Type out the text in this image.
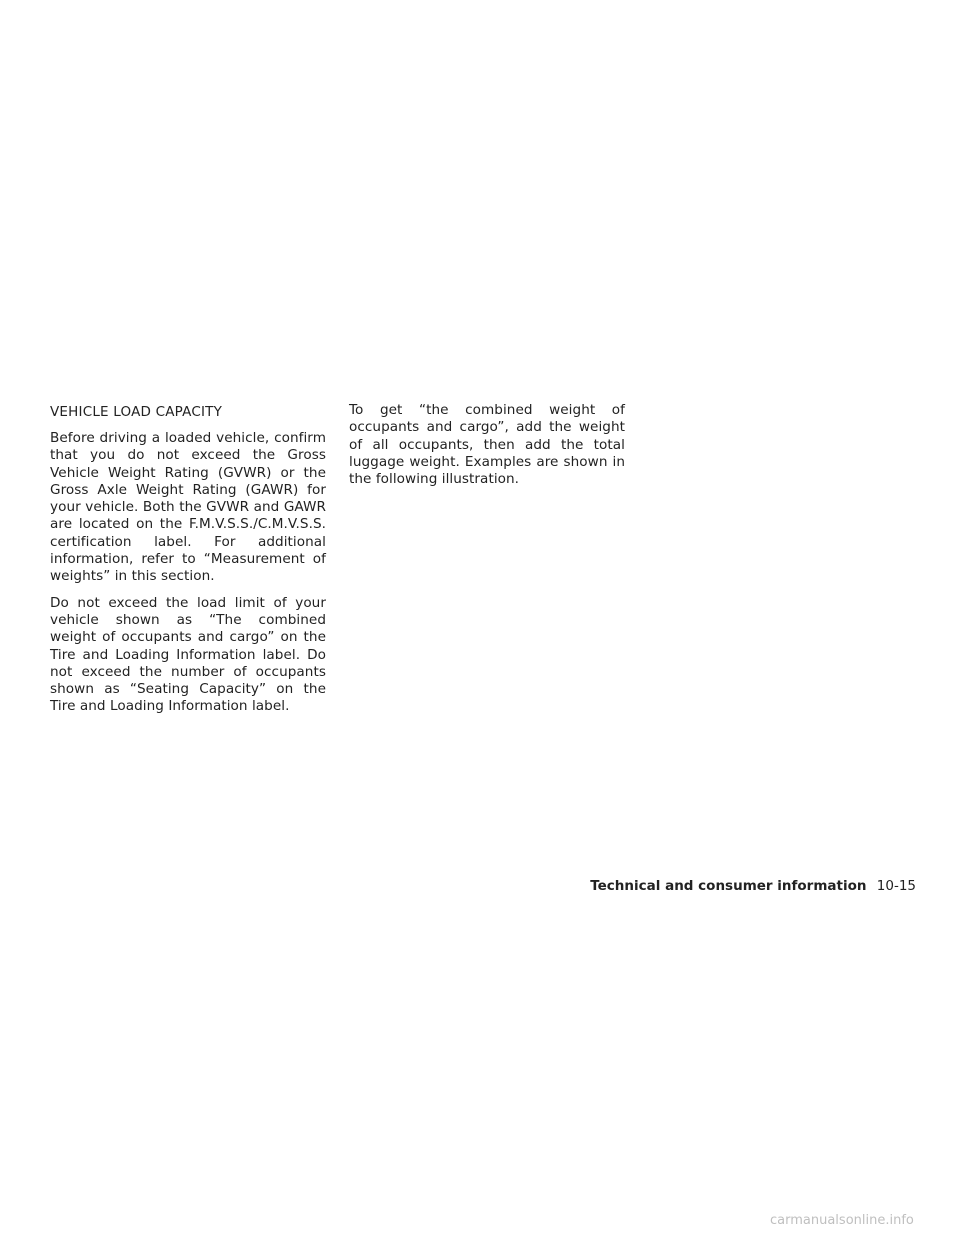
VEHICLE LOAD CAPACITY

Before driving a loaded vehicle, confirm that you do not exceed the Gross Vehicle Weight Rating (GVWR) or the Gross Axle Weight Rating (GAWR) for your vehicle. Both the GVWR and GAWR are located on the F.M.V.S.S./C.M.V.S.S. certification label. For additional information, refer to “Measurement of weights” in this section.

Do not exceed the load limit of your vehicle shown as “The combined weight of occupants and cargo” on the Tire and Loading Information label. Do not exceed the number of occupants shown as “Seating Capacity” on the Tire and Loading Information label.

To get “the combined weight of occupants and cargo”, add the weight of all occupants, then add the total luggage weight. Examples are shown in the following illustration.

Technical and consumer information 10-15
carmanualsonline.info
